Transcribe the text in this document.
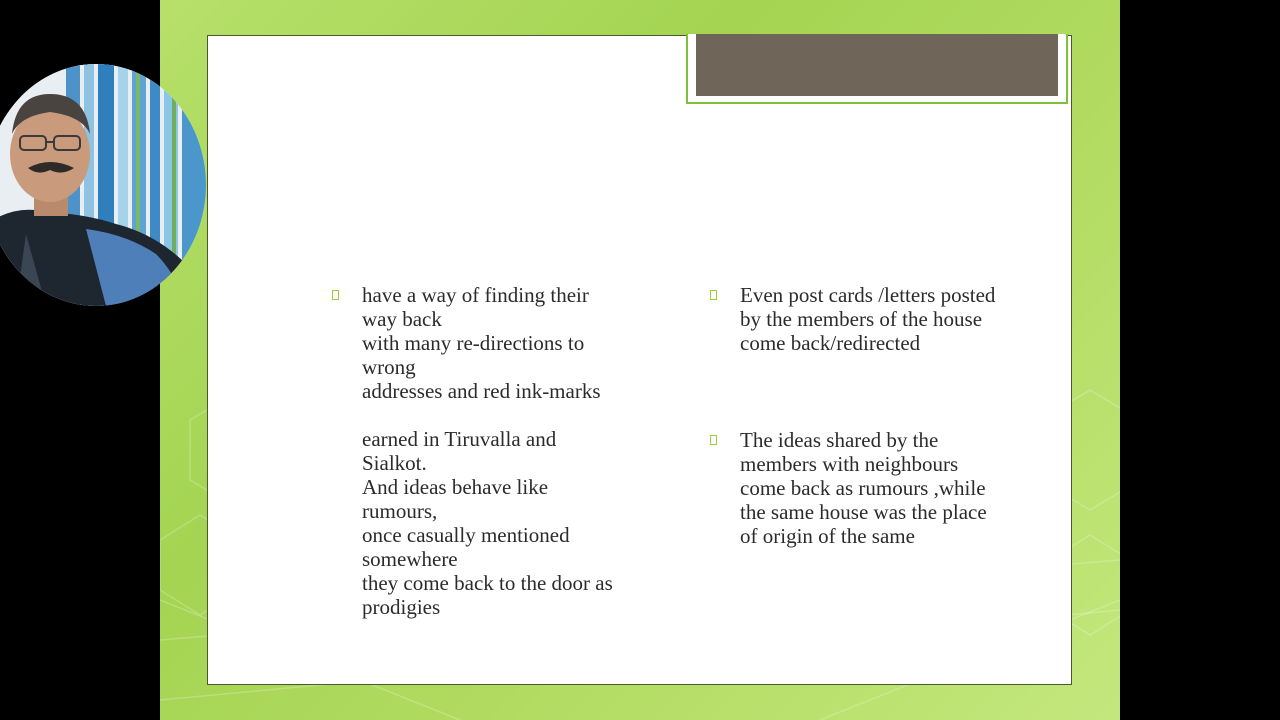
have a way of finding their
way back
with many re-directions to
wrong
addresses and red ink-marks
earned in Tiruvalla and
Sialkot.
And ideas behave like
rumours,
once casually mentioned
somewhere
they come back to the door as
prodigies
Even post cards /letters posted
by the members of the house
come back/redirected
The ideas shared by the
members with neighbours
come back as rumours ,while
the same house was the place
of origin of the same
